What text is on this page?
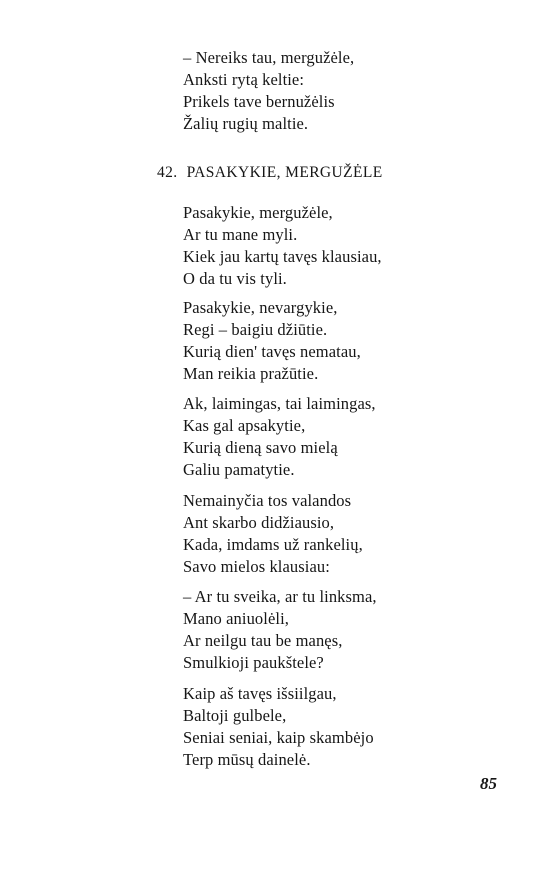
– Nereiks tau, mergužėle,
Anksti rytą keltie:
Prikels tave bernužėlis
Žalių rugių maltie.
42. PASAKYKIE, MERGUŽĖLE
Pasakykie, mergužėle,
Ar tu mane myli.
Kiek jau kartų tavęs klausiau,
O da tu vis tyli.
Pasakykie, nevargykie,
Regi – baigiu džiūtie.
Kurią dien' tavęs nematau,
Man reikia pražūtie.
Ak, laimingas, tai laimingas,
Kas gal apsakytie,
Kurią dieną savo mielą
Galiu pamatytie.
Nemainyčia tos valandos
Ant skarbo didžiausio,
Kada, imdams už rankelių,
Savo mielos klausiau:
– Ar tu sveika, ar tu linksma,
Mano aniuolėli,
Ar neilgu tau be manęs,
Smulkioji paukštele?
Kaip aš tavęs išsiilgau,
Baltoji gulbele,
Seniai seniai, kaip skambėjo
Terp mūsų dainelė.
85
